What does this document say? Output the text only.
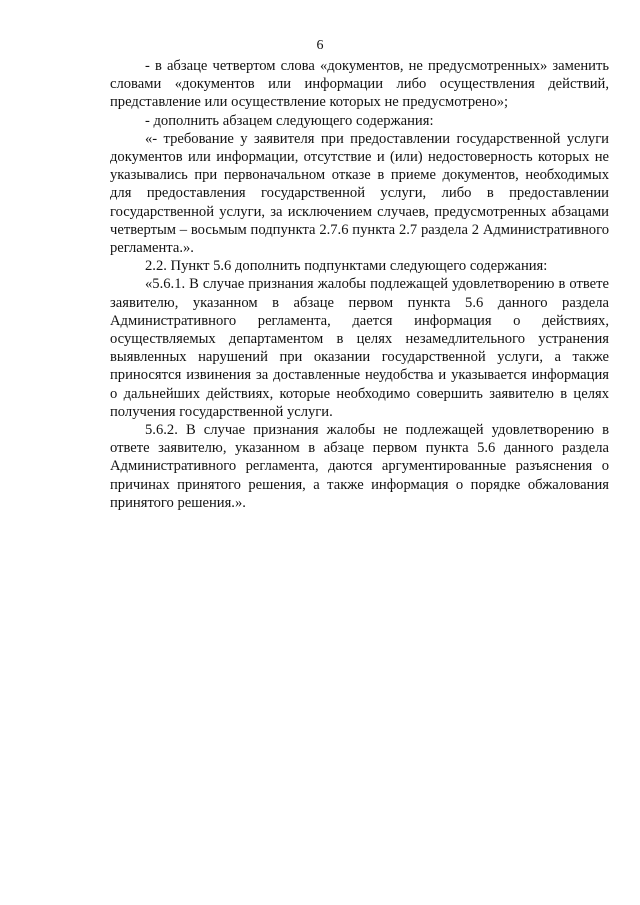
6

- в абзаце четвертом слова «документов, не предусмотренных» заменить словами «документов или информации либо осуществления действий, представление или осуществление которых не предусмотрено»;

- дополнить абзацем следующего содержания:

«- требование у заявителя при предоставлении государственной услуги документов или информации, отсутствие и (или) недостоверность которых не указывались при первоначальном отказе в приеме документов, необходимых для предоставления государственной услуги, либо в предоставлении государственной услуги, за исключением случаев, предусмотренных абзацами четвертым – восьмым подпункта 2.7.6 пункта 2.7 раздела 2 Административного регламента.».

2.2. Пункт 5.6 дополнить подпунктами следующего содержания:

«5.6.1. В случае признания жалобы подлежащей удовлетворению в ответе заявителю, указанном в абзаце первом пункта 5.6 данного раздела Административного регламента, дается информация о действиях, осуществляемых департаментом в целях незамедлительного устранения выявленных нарушений при оказании государственной услуги, а также приносятся извинения за доставленные неудобства и указывается информация о дальнейших действиях, которые необходимо совершить заявителю в целях получения государственной услуги.

5.6.2. В случае признания жалобы не подлежащей удовлетворению в ответе заявителю, указанном в абзаце первом пункта 5.6 данного раздела Административного регламента, даются аргументированные разъяснения о причинах принятого решения, а также информация о порядке обжалования принятого решения.».
